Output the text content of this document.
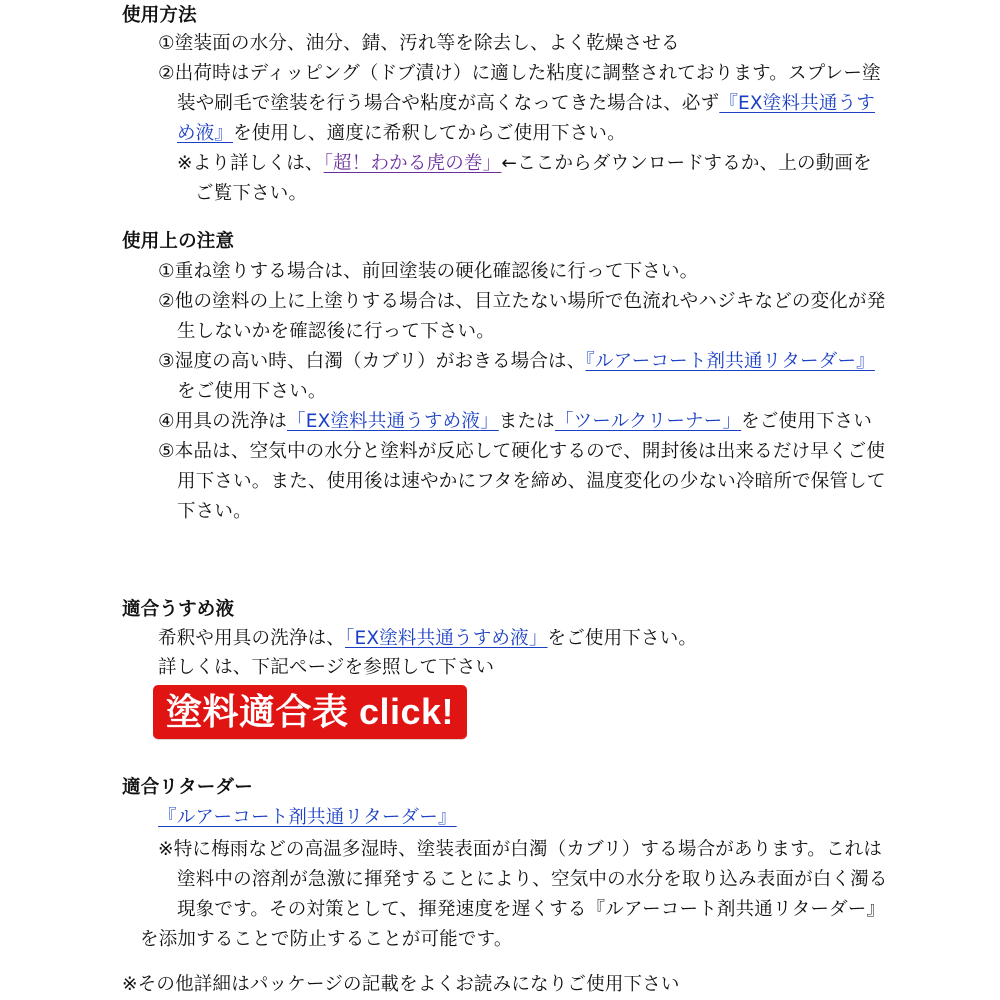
使用方法
①塗装面の水分、油分、錆、汚れ等を除去し、よく乾燥させる
②出荷時はディッピング（ドブ漬け）に適した粘度に調整されております。スプレー塗
装や刷毛で塗装を行う場合や粘度が高くなってきた場合は、必ず『EX塗料共通うす
め液』を使用し、適度に希釈してからご使用下さい。
※より詳しくは、「超！わかる虎の巻」←ここからダウンロードするか、上の動画を
ご覧下さい。
使用上の注意
①重ね塗りする場合は、前回塗装の硬化確認後に行って下さい。
②他の塗料の上に上塗りする場合は、目立たない場所で色流れやハジキなどの変化が発
生しないかを確認後に行って下さい。
③湿度の高い時、白濁（カブリ）がおきる場合は、『ルアーコート剤共通リターダー』
をご使用下さい。
④用具の洗浄は「EX塗料共通うすめ液」または「ツールクリーナー」をご使用下さい
⑤本品は、空気中の水分と塗料が反応して硬化するので、開封後は出来るだけ早くご使
用下さい。また、使用後は速やかにフタを締め、温度変化の少ない冷暗所で保管して
下さい。
適合うすめ液
希釈や用具の洗浄は、「EX塗料共通うすめ液」をご使用下さい。
詳しくは、下記ページを参照して下さい
塗料適合表 click!
適合リターダー
『ルアーコート剤共通リターダー』
※特に梅雨などの高温多湿時、塗装表面が白濁（カブリ）する場合があります。これは
塗料中の溶剤が急激に揮発することにより、空気中の水分を取り込み表面が白く濁る
現象です。その対策として、揮発速度を遅くする『ルアーコート剤共通リターダー』
を添加することで防止することが可能です。
※その他詳細はパッケージの記載をよくお読みになりご使用下さい
